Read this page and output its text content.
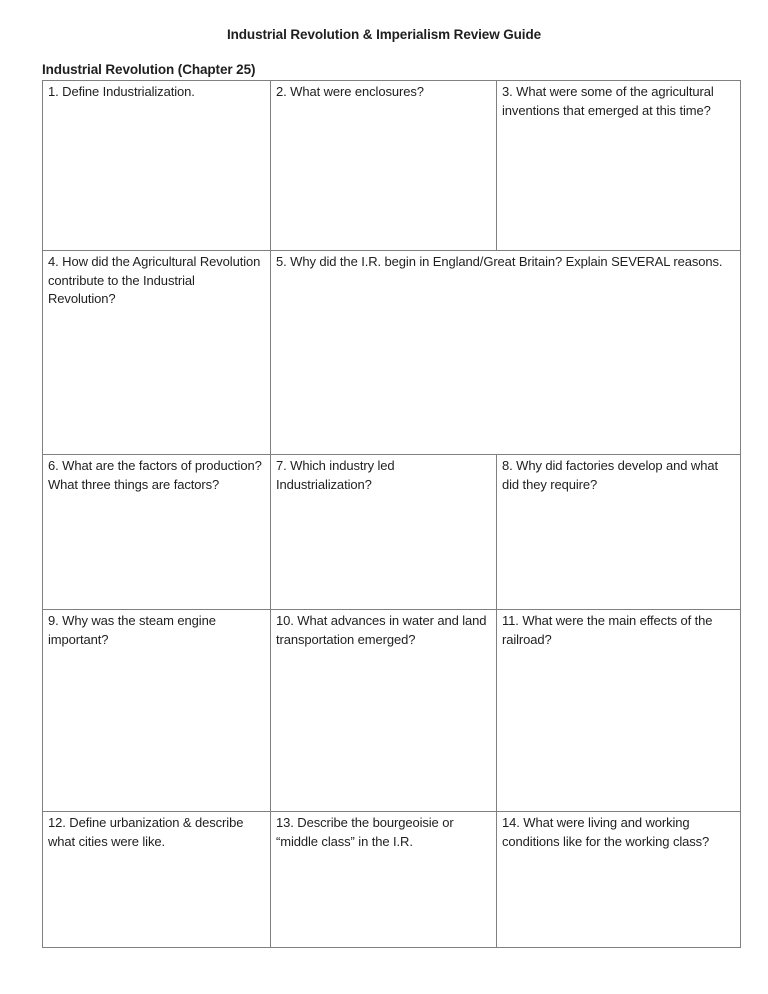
Industrial Revolution & Imperialism Review Guide
Industrial Revolution (Chapter 25)
1. Define Industrialization.	2. What were enclosures?	3. What were some of the agricultural inventions that emerged at this time?
4. How did the Agricultural Revolution contribute to the Industrial Revolution?	5. Why did the I.R. begin in England/Great Britain? Explain SEVERAL reasons.	
6. What are the factors of production? What three things are factors?	7. Which industry led Industrialization?	8. Why did factories develop and what did they require?
9. Why was the steam engine important?	10. What advances in water and land transportation emerged?	11. What were the main effects of the railroad?
12. Define urbanization & describe what cities were like.	13. Describe the bourgeoisie or “middle class” in the I.R.	14. What were living and working conditions like for the working class?
